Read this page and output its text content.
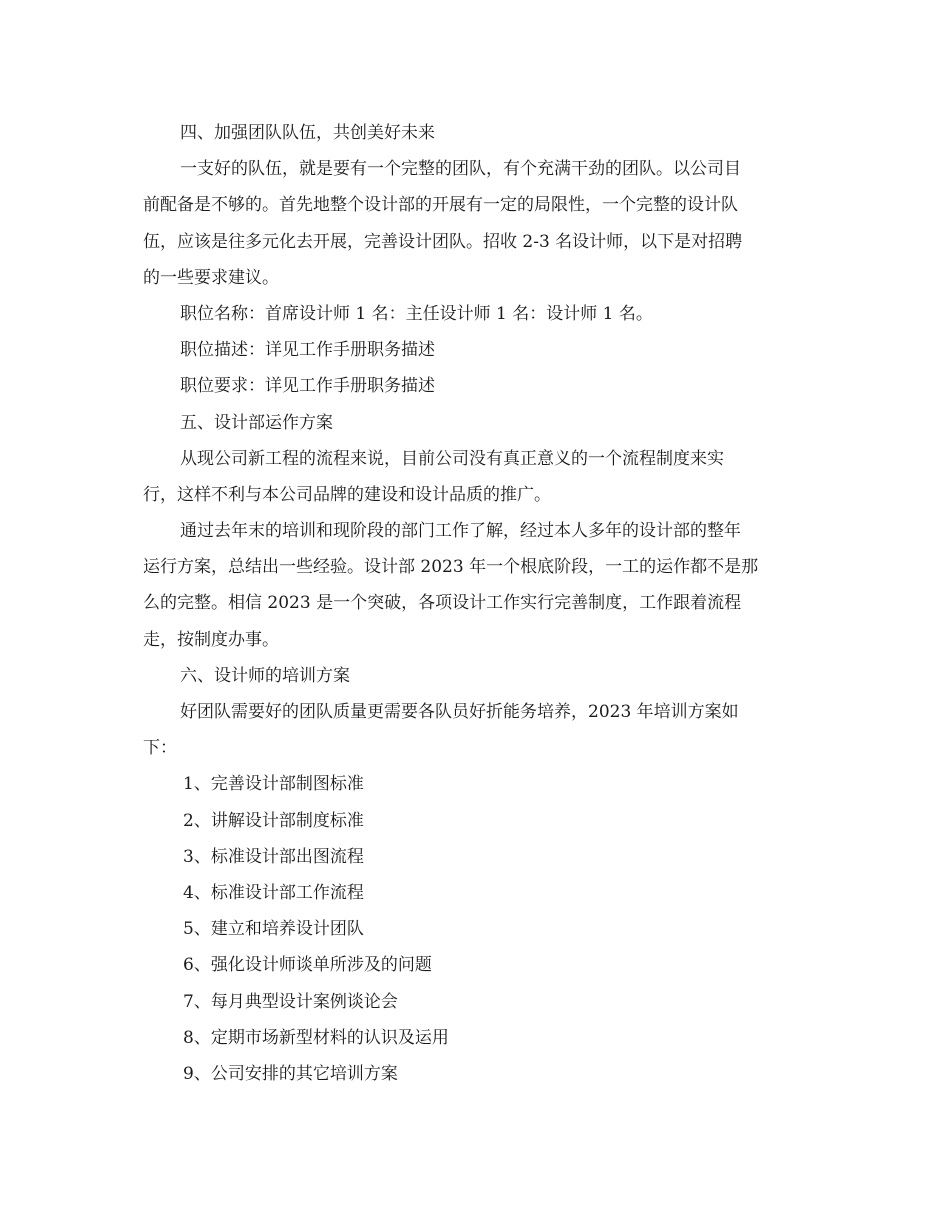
四、加强团队队伍，共创美好未来

一支好的队伍，就是要有一个完整的团队，有个充满干劲的团队。以公司目

前配备是不够的。首先地整个设计部的开展有一定的局限性，一个完整的设计队

伍，应该是往多元化去开展，完善设计团队。招收 2-3 名设计师，以下是对招聘

的一些要求建议。

职位名称：首席设计师 1 名：主任设计师 1 名：设计师 1 名。

职位描述：详见工作手册职务描述

职位要求：详见工作手册职务描述

五、设计部运作方案

从现公司新工程的流程来说，目前公司没有真正意义的一个流程制度来实

行，这样不利与本公司品牌的建设和设计品质的推广。

通过去年末的培训和现阶段的部门工作了解，经过本人多年的设计部的整年

运行方案，总结出一些经验。设计部 2023 年一个根底阶段，一工的运作都不是那

么的完整。相信 2023 是一个突破，各项设计工作实行完善制度，工作跟着流程

走，按制度办事。

六、设计师的培训方案

好团队需要好的团队质量更需要各队员好折能务培养，2023 年培训方案如

下：

1、完善设计部制图标准

2、讲解设计部制度标准

3、标准设计部出图流程

4、标准设计部工作流程

5、建立和培养设计团队

6、强化设计师谈单所涉及的问题

7、每月典型设计案例谈论会

8、定期市场新型材料的认识及运用

9、公司安排的其它培训方案
